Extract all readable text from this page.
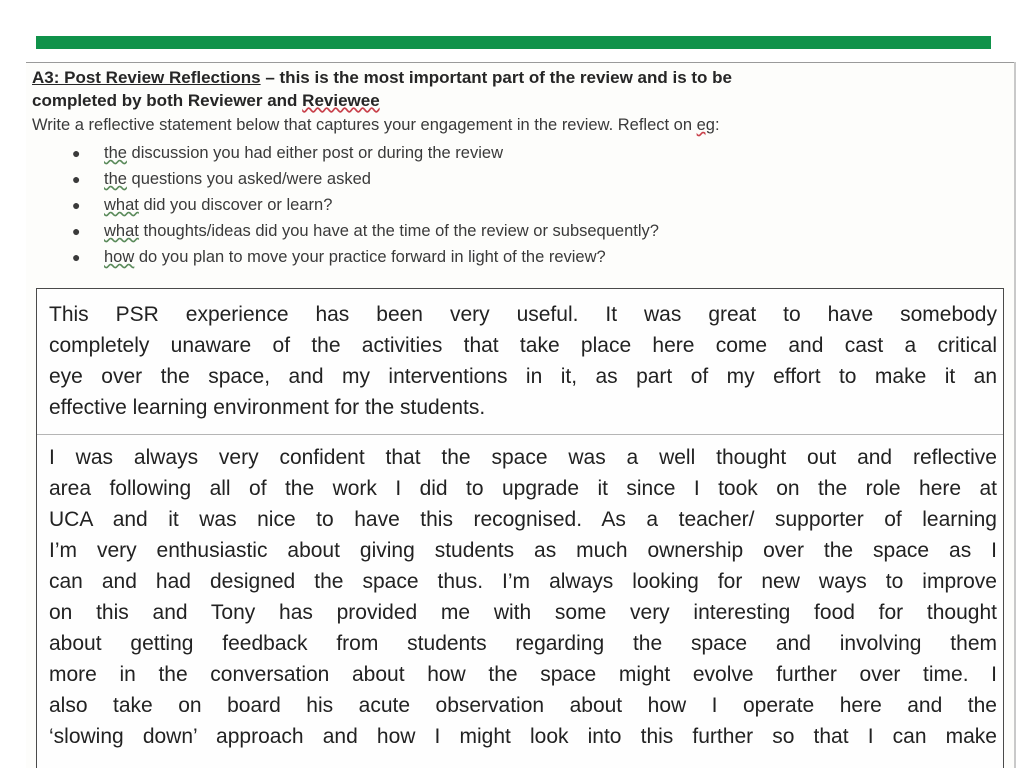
A3: Post Review Reflections – this is the most important part of the review and is to be
completed by both Reviewer and Reviewee
Write a reflective statement below that captures your engagement in the review. Reflect on eg:
● the discussion you had either post or during the review
● the questions you asked/were asked
● what did you discover or learn?
● what thoughts/ideas did you have at the time of the review or subsequently?
● how do you plan to move your practice forward in light of the review?
This PSR experience has been very useful. It was great to have somebody
completely unaware of the activities that take place here come and cast a critical
eye over the space, and my interventions in it, as part of my effort to make it an
effective learning environment for the students.
I was always very confident that the space was a well thought out and reflective
area following all of the work I did to upgrade it since I took on the role here at
UCA and it was nice to have this recognised. As a teacher/ supporter of learning
I’m very enthusiastic about giving students as much ownership over the space as I
can and had designed the space thus. I’m always looking for new ways to improve
on this and Tony has provided me with some very interesting food for thought
about getting feedback from students regarding the space and involving them
more in the conversation about how the space might evolve further over time. I
also take on board his acute observation about how I operate here and the
‘slowing down’ approach and how I might look into this further so that I can make
